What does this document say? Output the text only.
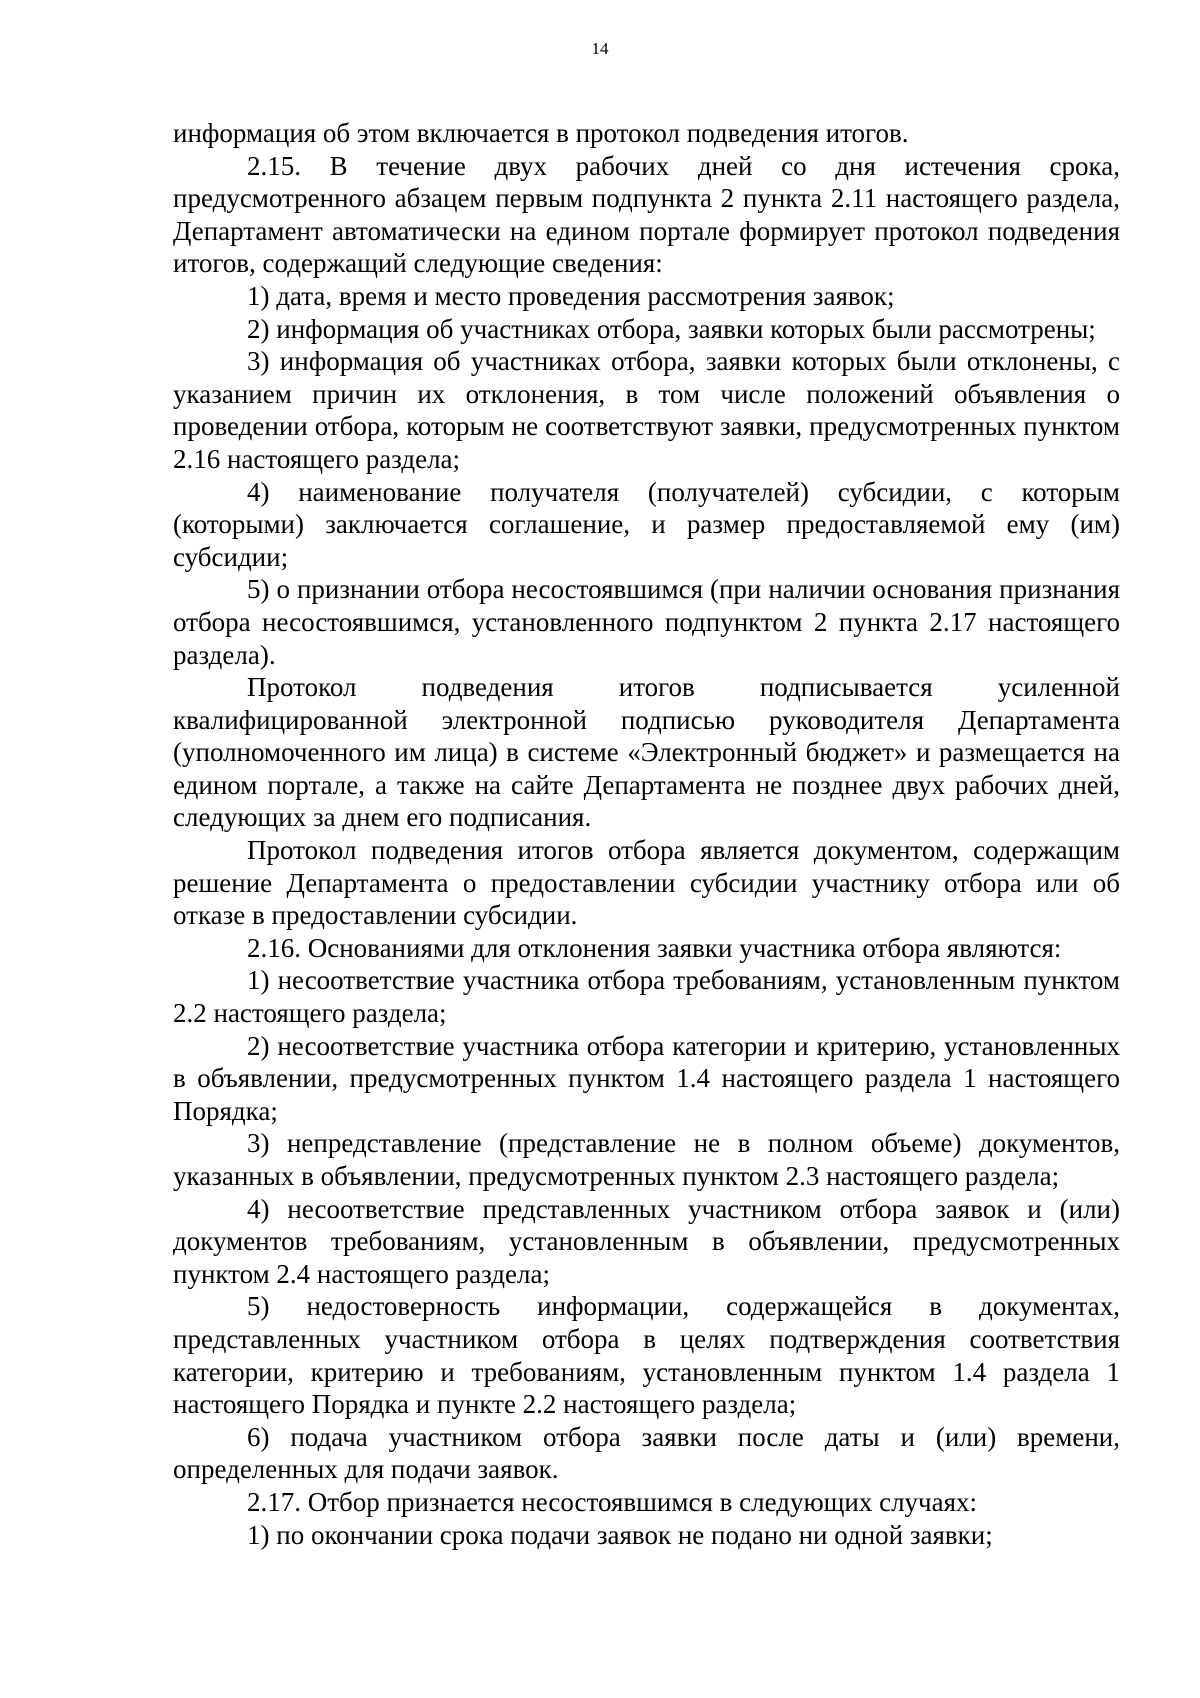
14

информация об этом включается в протокол подведения итогов.

2.15. В течение двух рабочих дней со дня истечения срока, предусмотренного абзацем первым подпункта 2 пункта 2.11 настоящего раздела, Департамент автоматически на едином портале формирует протокол подведения итогов, содержащий следующие сведения:

1) дата, время и место проведения рассмотрения заявок;

2) информация об участниках отбора, заявки которых были рассмотрены;

3) информация об участниках отбора, заявки которых были отклонены, с указанием причин их отклонения, в том числе положений объявления о проведении отбора, которым не соответствуют заявки, предусмотренных пунктом 2.16 настоящего раздела;

4) наименование получателя (получателей) субсидии, с которым (которыми) заключается соглашение, и размер предоставляемой ему (им) субсидии;

5) о признании отбора несостоявшимся (при наличии основания признания отбора несостоявшимся, установленного подпунктом 2 пункта 2.17 настоящего раздела).

Протокол подведения итогов подписывается усиленной квалифицированной электронной подписью руководителя Департамента (уполномоченного им лица) в системе «Электронный бюджет» и размещается на едином портале, а также на сайте Департамента не позднее двух рабочих дней, следующих за днем его подписания.

Протокол подведения итогов отбора является документом, содержащим решение Департамента о предоставлении субсидии участнику отбора или об отказе в предоставлении субсидии.

2.16. Основаниями для отклонения заявки участника отбора являются:

1) несоответствие участника отбора требованиям, установленным пунктом 2.2 настоящего раздела;

2) несоответствие участника отбора категории и критерию, установленных в объявлении, предусмотренных пунктом 1.4 настоящего раздела 1 настоящего Порядка;

3) непредставление (представление не в полном объеме) документов, указанных в объявлении, предусмотренных пунктом 2.3 настоящего раздела;

4) несоответствие представленных участником отбора заявок и (или) документов требованиям, установленным в объявлении, предусмотренных пунктом 2.4 настоящего раздела;

5) недостоверность информации, содержащейся в документах, представленных участником отбора в целях подтверждения соответствия категории, критерию и требованиям, установленным пунктом 1.4 раздела 1 настоящего Порядка и пункте 2.2 настоящего раздела;

6) подача участником отбора заявки после даты и (или) времени, определенных для подачи заявок.

2.17. Отбор признается несостоявшимся в следующих случаях:

1) по окончании срока подачи заявок не подано ни одной заявки;
